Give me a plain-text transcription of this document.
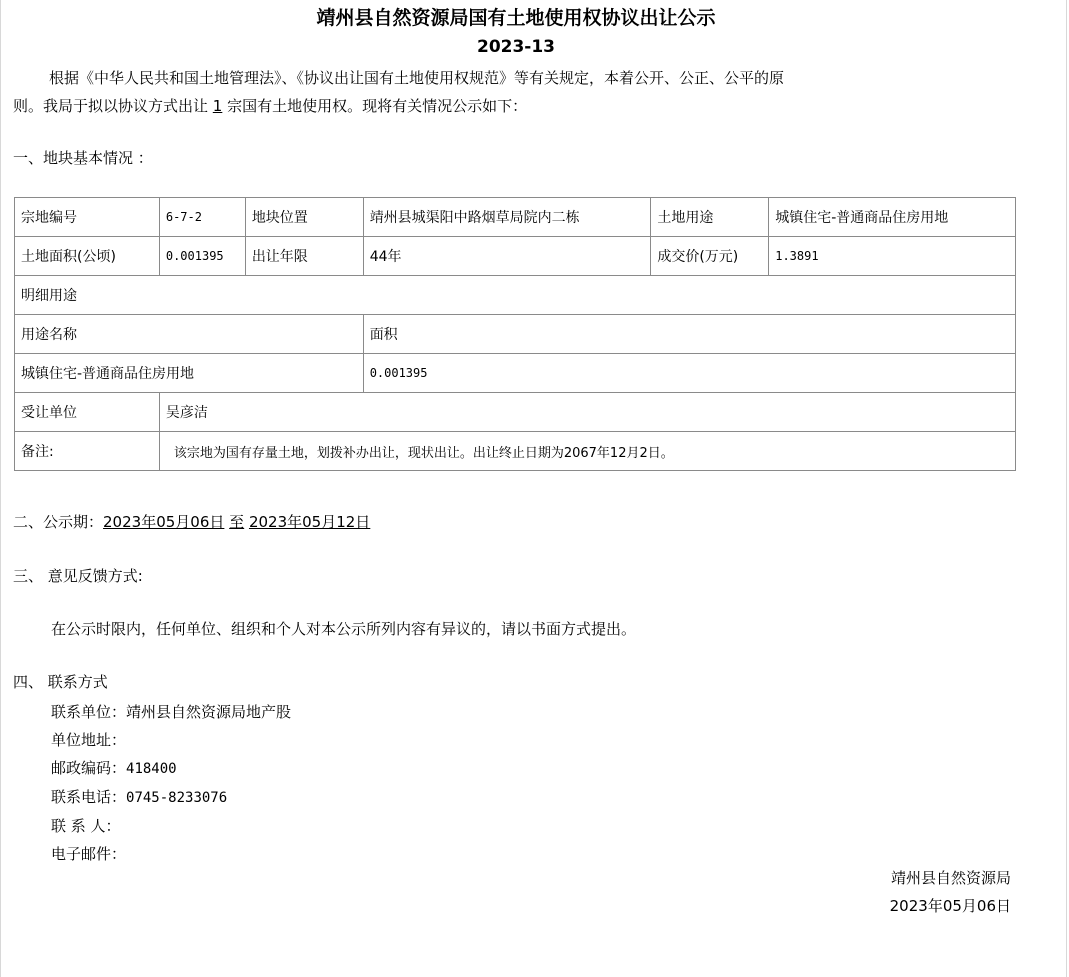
靖州县自然资源局国有土地使用权协议出让公示
2023-13
根据《中华人民共和国土地管理法》、《协议出让国有土地使用权规范》等有关规定，本着公开、公正、公平的原
则。我局于拟以协议方式出让 1 宗国有土地使用权。现将有关情况公示如下：
一、地块基本情况 ：
宗地编号	6-7-2	地块位置	靖州县城渠阳中路烟草局院内二栋	土地用途	城镇住宅-普通商品住房用地
土地面积(公顷)	0.001395	出让年限	44年	成交价(万元)	1.3891
明细用途					
用途名称			面积		
城镇住宅-普通商品住房用地			0.001395		
受让单位	吴彦洁				
备注:	该宗地为国有存量土地，划拨补办出让，现状出让。出让终止日期为2067年12月2日。				
二、公示期：2023年05月06日 至 2023年05月12日
三、 意见反馈方式:
在公示时限内，任何单位、组织和个人对本公示所列内容有异议的，请以书面方式提出。
四、 联系方式
联系单位：靖州县自然资源局地产股
单位地址：
邮政编码：418400
联系电话：0745-8233076
联 系 人：
电子邮件：
靖州县自然资源局
2023年05月06日
